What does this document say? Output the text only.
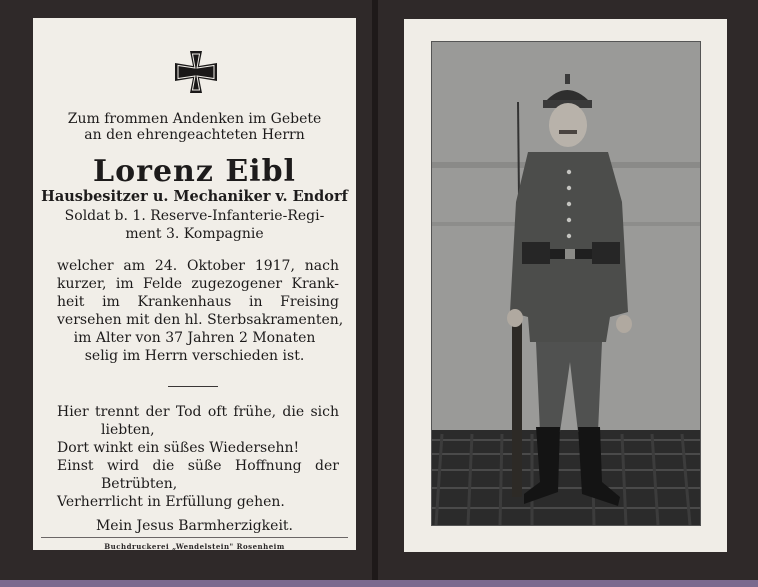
Zum frommen Andenken im Gebete
an den ehrengeachteten Herrn
Lorenz Eibl
Hausbesitzer u. Mechaniker v. Endorf
Soldat b. 1. Reserve-Infanterie-Regi-
ment 3. Kompagnie
welcher am 24. Oktober 1917, nach
kurzer, im Felde zugezogener Krank-
heit im Krankenhaus in Freising
versehen mit den hl. Sterbsakramenten,
im Alter von 37 Jahren 2 Monaten
selig im Herrn verschieden ist.
Hier trennt der Tod oft frühe, die sich
liebten,
Dort winkt ein süßes Wiedersehn!
Einst wird die süße Hoffnung der
Betrübten,
Verherrlicht in Erfüllung gehen.
Mein Jesus Barmherzigkeit.
Buchdruckerei „Wendelstein" Rosenheim
